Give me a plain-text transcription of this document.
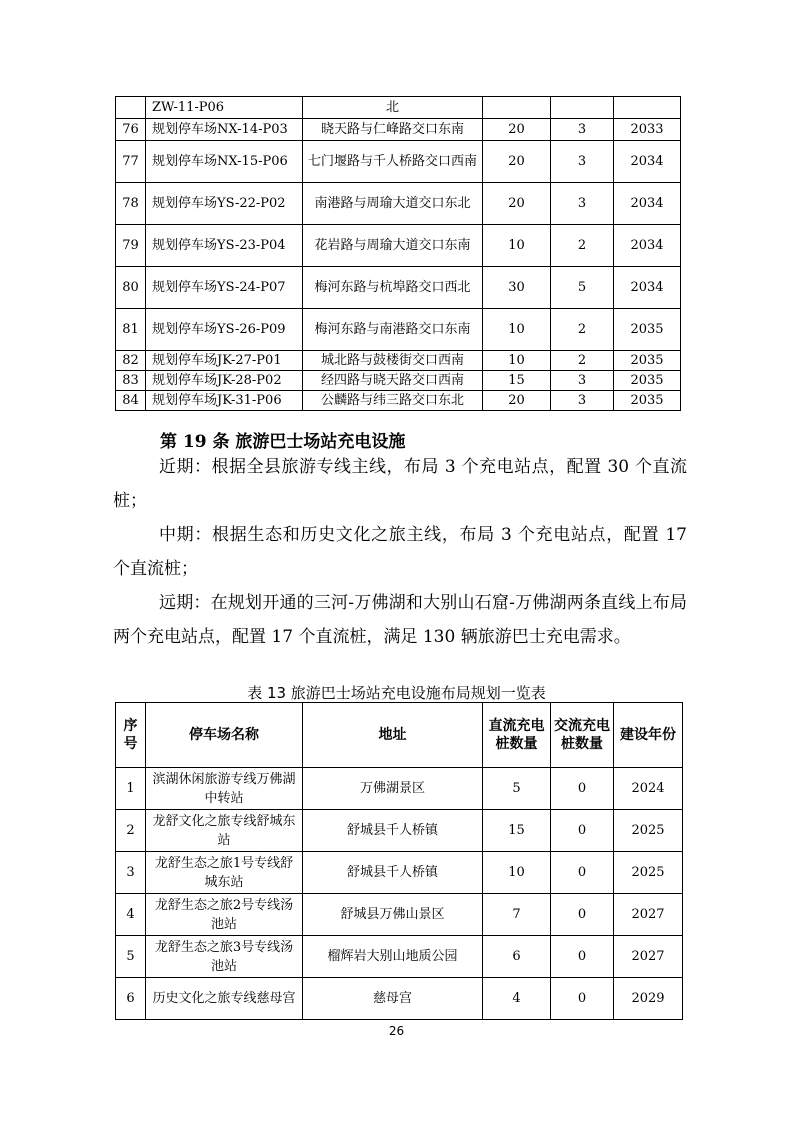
	ZW-11-P06	北			
76	规划停车场NX-14-P03	晓天路与仁峰路交口东南	20	3	2033
77	规划停车场NX-15-P06	七门堰路与千人桥路交口西南	20	3	2034
78	规划停车场YS-22-P02	南港路与周瑜大道交口东北	20	3	2034
79	规划停车场YS-23-P04	花岩路与周瑜大道交口东南	10	2	2034
80	规划停车场YS-24-P07	梅河东路与杭埠路交口西北	30	5	2034
81	规划停车场YS-26-P09	梅河东路与南港路交口东南	10	2	2035
82	规划停车场JK-27-P01	城北路与鼓楼街交口西南	10	2	2035
83	规划停车场JK-28-P02	经四路与晓天路交口西南	15	3	2035
84	规划停车场JK-31-P06	公麟路与纬三路交口东北	20	3	2035
第 19 条 旅游巴士场站充电设施

近期：根据全县旅游专线主线，布局 3 个充电站点，配置 30 个直流桩；

中期：根据生态和历史文化之旅主线，布局 3 个充电站点，配置 17 个直流桩；

远期：在规划开通的三河-万佛湖和大别山石窟-万佛湖两条直线上布局两个充电站点，配置 17 个直流桩，满足 130 辆旅游巴士充电需求。

表 13 旅游巴士场站充电设施布局规划一览表
序号	停车场名称	地址	直流充电桩数量	交流充电桩数量	建设年份
1	滨湖休闲旅游专线万佛湖中转站	万佛湖景区	5	0	2024
2	龙舒文化之旅专线舒城东站	舒城县千人桥镇	15	0	2025
3	龙舒生态之旅1号专线舒城东站	舒城县千人桥镇	10	0	2025
4	龙舒生态之旅2号专线汤池站	舒城县万佛山景区	7	0	2027
5	龙舒生态之旅3号专线汤池站	榴辉岩大别山地质公园	6	0	2027
6	历史文化之旅专线慈母宫	慈母宫	4	0	2029
26
